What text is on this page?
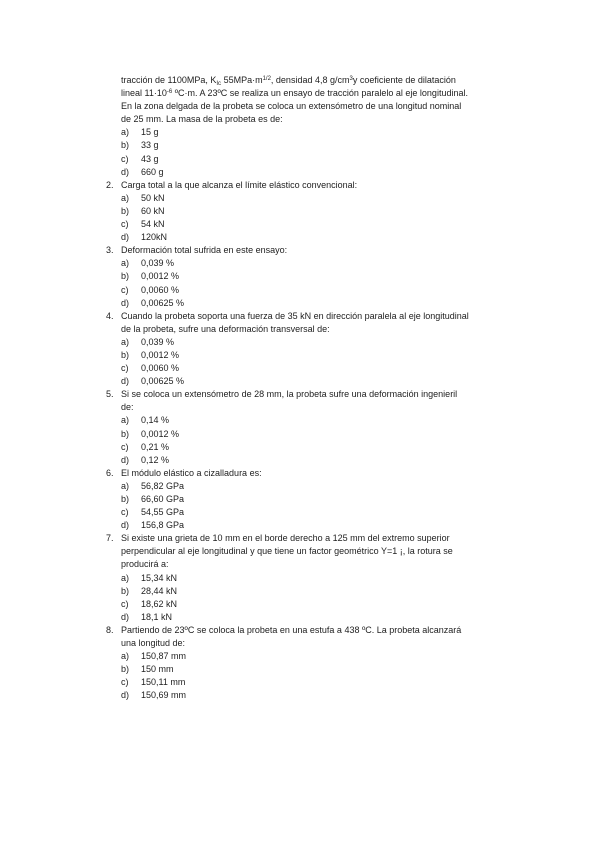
tracción de 1100MPa, $K_{Ic}$ $55MPa\cdot m^{1/2}$, densidad 4,8 $g/cm^3y$ coeficiente de dilatación

lineal $11\cdot 10^{-6}$ ºC·m. A 23ºC se realiza un ensayo de tracción paralelo al eje longitudinal.

En la zona delgada de la probeta se coloca un extensómetro de una longitud nominal

de 25 mm. La masa de la probeta es de:

a) 15 g
b) 33 g
c) 43 g
d) 660 g
2. Carga total a la que alcanza el límite elástico convencional:

a) 50 kN
b) 60 kN
c) 54 kN
d) 120kN
3. Deformación total sufrida en este ensayo:

a) 0,039 %
b) 0,0012 %
c) 0,0060 %
d) 0,00625 %
4. Cuando la probeta soporta una fuerza de 35 kN en dirección paralela al eje longitudinal

de la probeta, sufre una deformación transversal de:

a) 0,039 %
b) 0,0012 %
c) 0,0060 %
d) 0,00625 %
5. Si se coloca un extensómetro de 28 mm, la probeta sufre una deformación ingenieril

de:

a) 0,14 %
b) 0,0012 %
c) 0,21 %
d) 0,12 %
6. El módulo elástico a cizalladura es:

a) 56,82 GPa
b) 66,60 GPa
c) 54,55 GPa
d) 156,8 GPa
7. Si existe una grieta de 10 mm en el borde derecho a 125 mm del extremo superior

perpendicular al eje longitudinal y que tiene un factor geométrico Y=1 ¡, la rotura se

producirá a:

a) 15,34 kN
b) 28,44 kN
c) 18,62 kN
d) 18,1 kN
8. Partiendo de 23ºC se coloca la probeta en una estufa a 438 ºC. La probeta alcanzará

una longitud de:

a) 150,87 mm
b) 150 mm
c) 150,11 mm
d) 150,69 mm
